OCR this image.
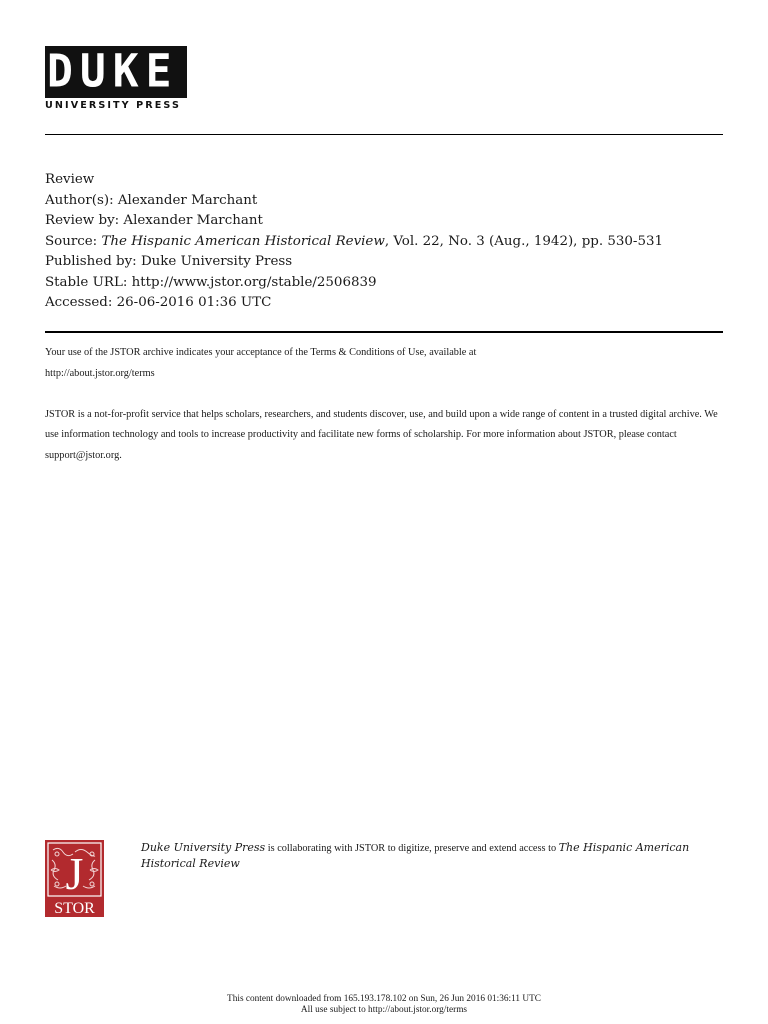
DUKE
UNIVERSITY PRESS
Review
Author(s): Alexander Marchant
Review by: Alexander Marchant
Source: The Hispanic American Historical Review, Vol. 22, No. 3 (Aug., 1942), pp. 530-531
Published by: Duke University Press
Stable URL: http://www.jstor.org/stable/2506839
Accessed: 26-06-2016 01:36 UTC

Your use of the JSTOR archive indicates your acceptance of the Terms & Conditions of Use, available at

http://about.jstor.org/terms

JSTOR is a not-for-profit service that helps scholars, researchers, and students discover, use, and build upon a wide range of content in a trusted digital archive. We use information technology and tools to increase productivity and facilitate new forms of scholarship. For more information about JSTOR, please contact support@jstor.org.

J
STOR
Duke University Press is collaborating with JSTOR to digitize, preserve and extend access to The Hispanic American Historical Review
This content downloaded from 165.193.178.102 on Sun, 26 Jun 2016 01:36:11 UTC
All use subject to http://about.jstor.org/terms
